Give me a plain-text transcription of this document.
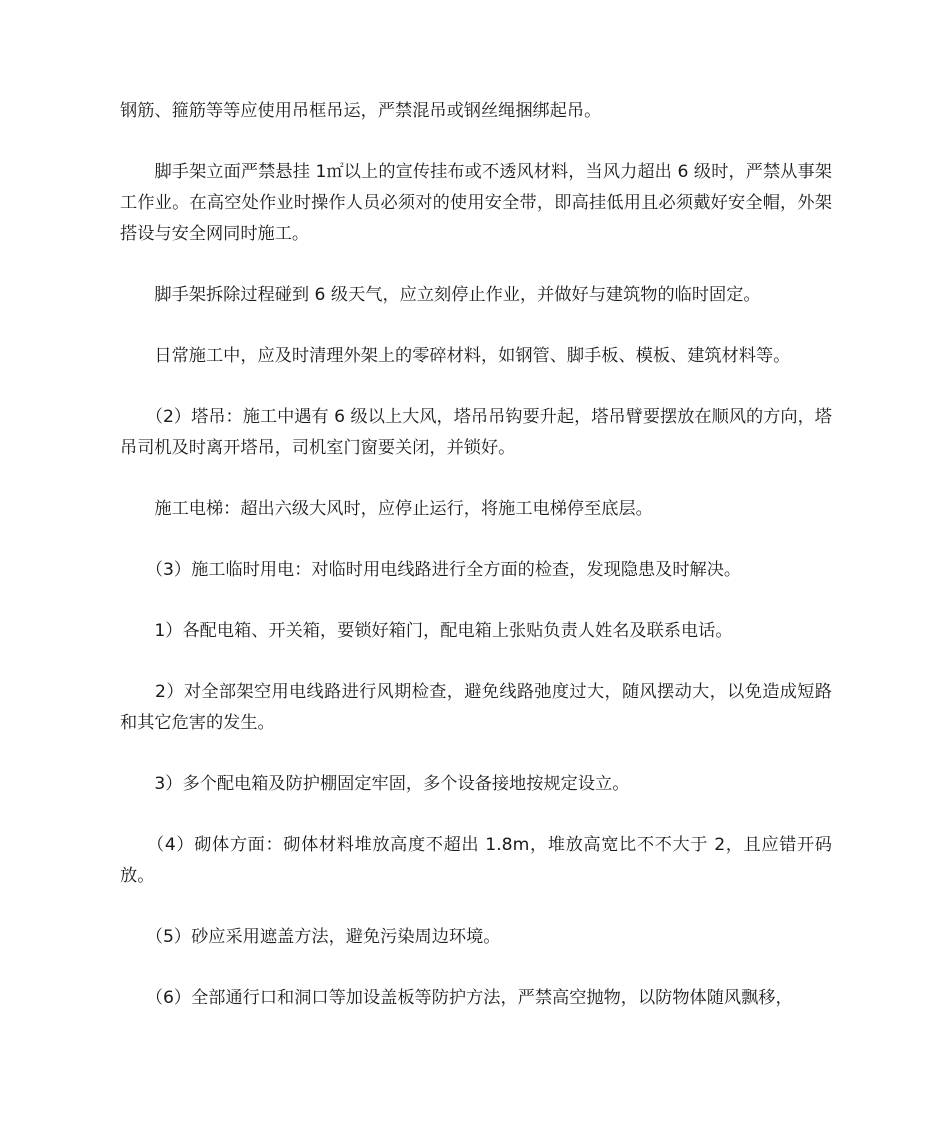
钢筋、箍筋等等应使用吊框吊运，严禁混吊或钢丝绳捆绑起吊。

　　脚手架立面严禁悬挂 1㎡以上的宣传挂布或不透风材料，当风力超出 6 级时，严禁从事架工作业。在高空处作业时操作人员必须对的使用安全带，即高挂低用且必须戴好安全帽，外架搭设与安全网同时施工。

　　脚手架拆除过程碰到 6 级天气，应立刻停止作业，并做好与建筑物的临时固定。

　　日常施工中，应及时清理外架上的零碎材料，如钢管、脚手板、模板、建筑材料等。

　　（2）塔吊：施工中遇有 6 级以上大风，塔吊吊钩要升起，塔吊臂要摆放在顺风的方向，塔吊司机及时离开塔吊，司机室门窗要关闭，并锁好。

　　施工电梯：超出六级大风时，应停止运行，将施工电梯停至底层。

　　（3）施工临时用电：对临时用电线路进行全方面的检查，发现隐患及时解决。

　　1）各配电箱、开关箱，要锁好箱门，配电箱上张贴负责人姓名及联系电话。

　　2）对全部架空用电线路进行风期检查，避免线路弛度过大，随风摆动大，以免造成短路和其它危害的发生。

　　3）多个配电箱及防护棚固定牢固，多个设备接地按规定设立。

　　（4）砌体方面：砌体材料堆放高度不超出 1.8m，堆放高宽比不不大于 2，且应错开码放。

　　（5）砂应采用遮盖方法，避免污染周边环境。

　　（6）全部通行口和洞口等加设盖板等防护方法，严禁高空抛物，以防物体随风飘移，
